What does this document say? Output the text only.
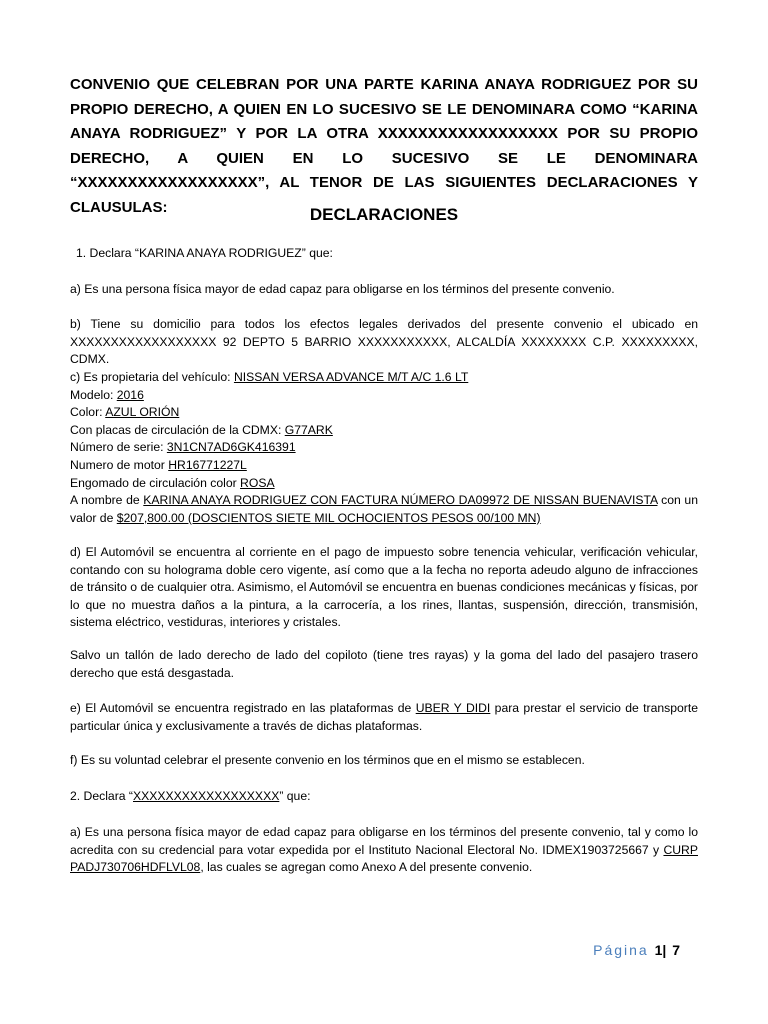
CONVENIO QUE CELEBRAN POR UNA PARTE KARINA ANAYA RODRIGUEZ POR SU PROPIO DERECHO, A QUIEN EN LO SUCESIVO SE LE DENOMINARA COMO “KARINA ANAYA RODRIGUEZ” Y POR LA OTRA XXXXXXXXXXXXXXXXXX POR SU PROPIO DERECHO, A QUIEN EN LO SUCESIVO SE LE DENOMINARA “XXXXXXXXXXXXXXXXXX”, AL TENOR DE LAS SIGUIENTES DECLARACIONES Y CLAUSULAS:	DECLARACIONES
1. Declara “KARINA ANAYA RODRIGUEZ” que:
a) Es una persona física mayor de edad capaz para obligarse en los términos del presente convenio.
b) Tiene su domicilio para todos los efectos legales derivados del presente convenio el ubicado en XXXXXXXXXXXXXXXXXX 92 DEPTO 5 BARRIO XXXXXXXXXXX, ALCALDÍA XXXXXXXX C.P. XXXXXXXXX, CDMX.
c) Es propietaria del vehículo: NISSAN VERSA ADVANCE M/T A/C 1.6 LT
Modelo: 2016
Color: AZUL ORIÓN
Con placas de circulación de la CDMX: G77ARK
Número de serie: 3N1CN7AD6GK416391
Numero de motor HR16771227L
Engomado de circulación color ROSA
A nombre de KARINA ANAYA RODRIGUEZ CON FACTURA NÚMERO DA09972 DE NISSAN BUENAVISTA con un valor de $207,800.00 (DOSCIENTOS SIETE MIL OCHOCIENTOS PESOS 00/100 MN)
d) El Automóvil se encuentra al corriente en el pago de impuesto sobre tenencia vehicular, verificación vehicular, contando con su holograma doble cero vigente, así como que a la fecha no reporta adeudo alguno de infracciones de tránsito o de cualquier otra. Asimismo, el Automóvil se encuentra en buenas condiciones mecánicas y físicas, por lo que no muestra daños a la pintura, a la carrocería, a los rines, llantas, suspensión, dirección, transmisión, sistema eléctrico, vestiduras, interiores y cristales.
Salvo un tallón de lado derecho de lado del copiloto (tiene tres rayas) y la goma del lado del pasajero trasero derecho que está desgastada.
e) El Automóvil se encuentra registrado en las plataformas de UBER Y DIDI para prestar el servicio de transporte particular única y exclusivamente a través de dichas plataformas.
f) Es su voluntad celebrar el presente convenio en los términos que en el mismo se establecen.
2. Declara “XXXXXXXXXXXXXXXXXX” que:
a) Es una persona física mayor de edad capaz para obligarse en los términos del presente convenio, tal y como lo acredita con su credencial para votar expedida por el Instituto Nacional Electoral No. IDMEX1903725667 y CURP PADJ730706HDFLVL08, las cuales se agregan como Anexo A del presente convenio.
Página 1| 7
